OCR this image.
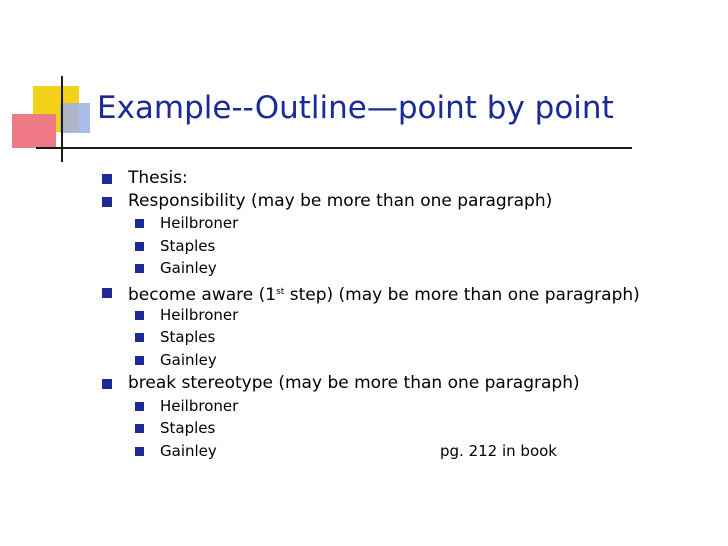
Example--Outline—point by point
Thesis:
Responsibility (may be more than one paragraph)
Heilbroner
Staples
Gainley
become aware (1st step) (may be more than one paragraph)
Heilbroner
Staples
Gainley
break stereotype (may be more than one paragraph)
Heilbroner
Staples
Gainley	pg. 212 in book
